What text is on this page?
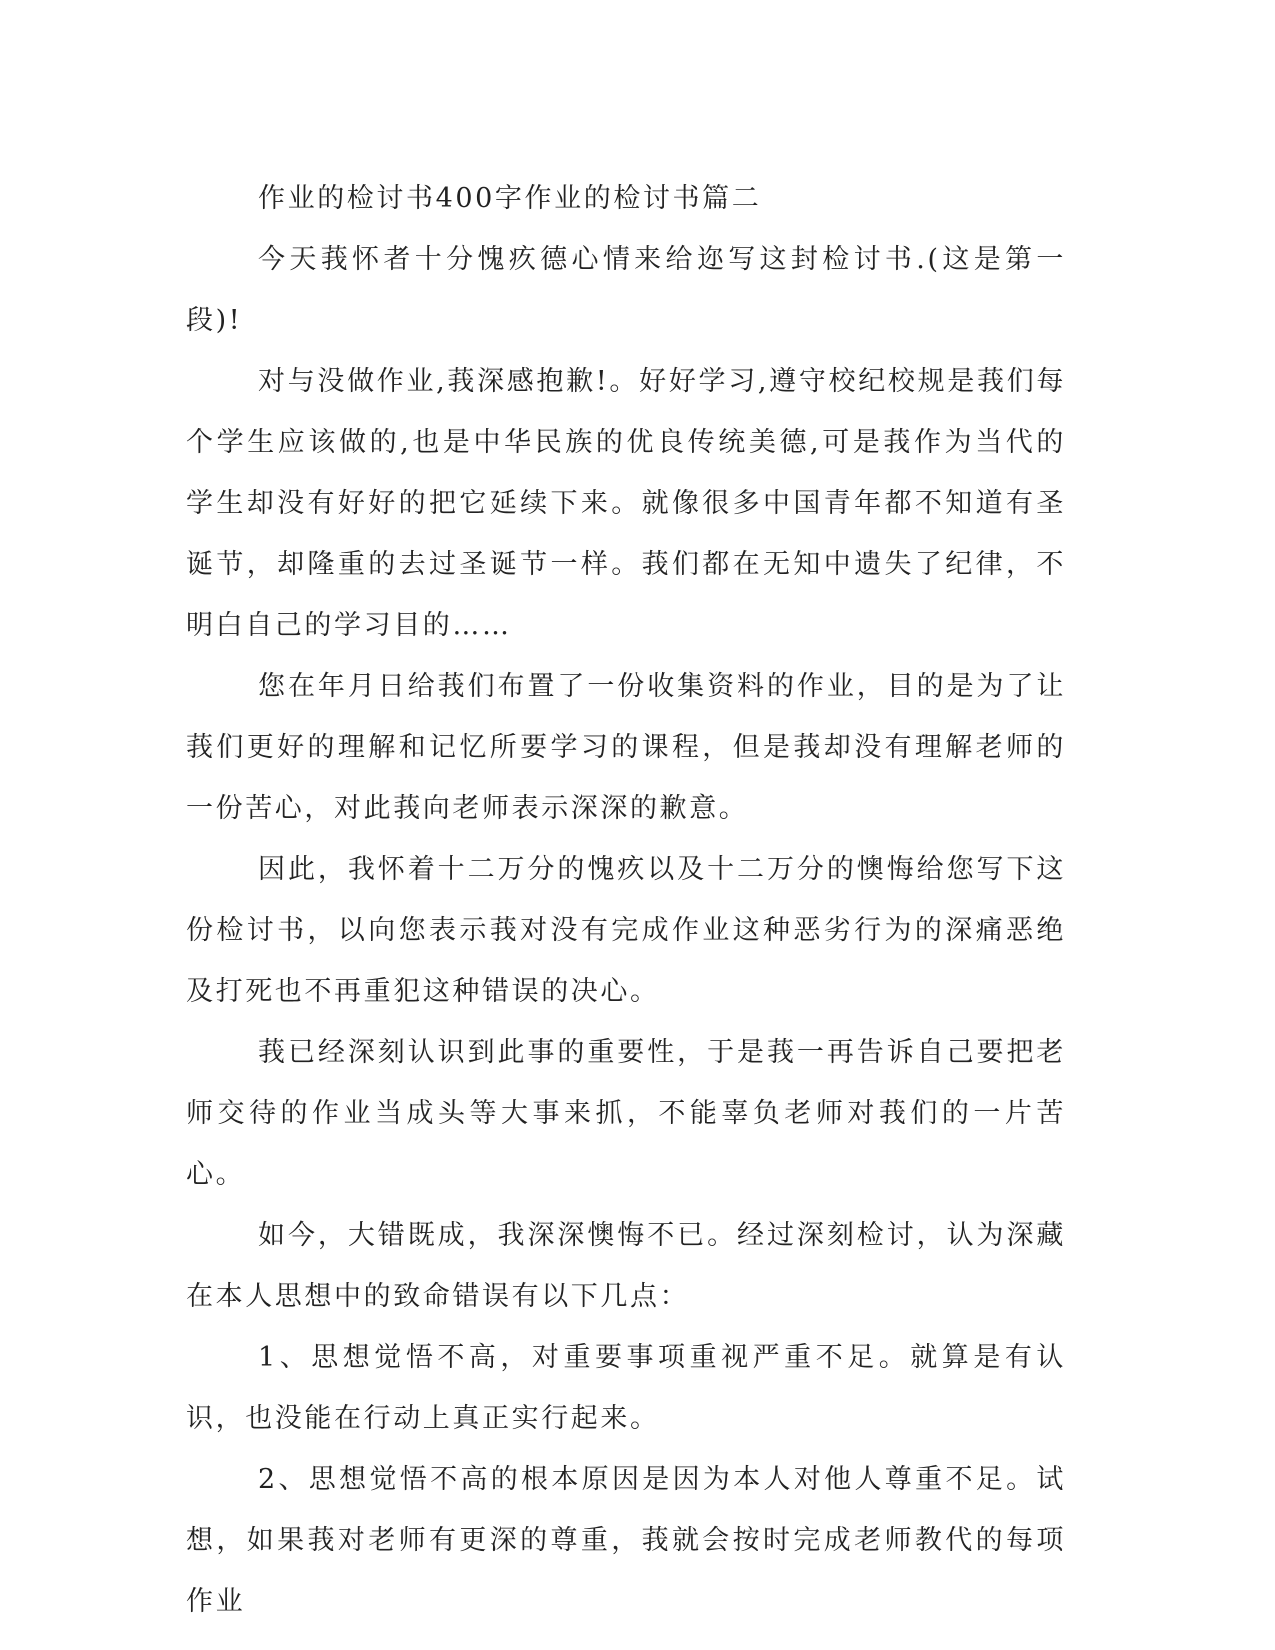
作业的检讨书400字作业的检讨书篇二

今天莪怀者十分愧疚德心情来给迩写这封检讨书.(这是第一段)!

对与没做作业,莪深感抱歉!。好好学习,遵守校纪校规是莪们每个学生应该做的,也是中华民族的优良传统美德,可是莪作为当代的学生却没有好好的把它延续下来。就像很多中国青年都不知道有圣诞节，却隆重的去过圣诞节一样。莪们都在无知中遗失了纪律，不明白自己的学习目的……

您在年月日给莪们布置了一份收集资料的作业，目的是为了让莪们更好的理解和记忆所要学习的课程，但是莪却没有理解老师的一份苦心，对此莪向老师表示深深的歉意。

因此，我怀着十二万分的愧疚以及十二万分的懊悔给您写下这份检讨书，以向您表示莪对没有完成作业这种恶劣行为的深痛恶绝及打死也不再重犯这种错误的决心。

莪已经深刻认识到此事的重要性，于是莪一再告诉自己要把老师交待的作业当成头等大事来抓，不能辜负老师对莪们的一片苦心。

如今，大错既成，我深深懊悔不已。经过深刻检讨，认为深藏在本人思想中的致命错误有以下几点：

1、思想觉悟不高，对重要事项重视严重不足。就算是有认识，也没能在行动上真正实行起来。

2、思想觉悟不高的根本原因是因为本人对他人尊重不足。试想，如果莪对老师有更深的尊重，莪就会按时完成老师教代的每项作业
